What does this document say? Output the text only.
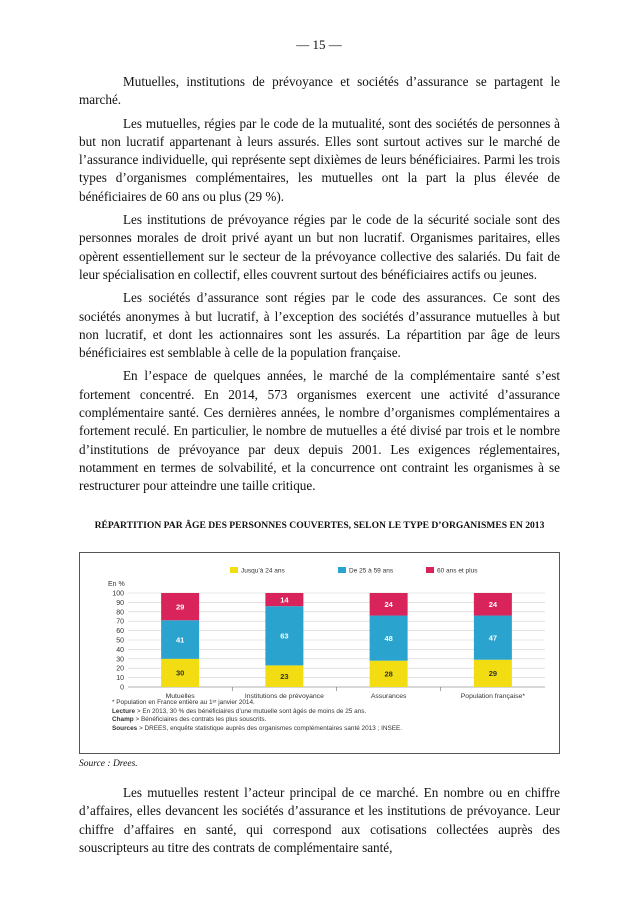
— 15 —

Mutuelles, institutions de prévoyance et sociétés d’assurance se partagent le marché.

Les mutuelles, régies par le code de la mutualité, sont des sociétés de personnes à but non lucratif appartenant à leurs assurés. Elles sont surtout actives sur le marché de l’assurance individuelle, qui représente sept dixièmes de leurs bénéficiaires. Parmi les trois types d’organismes complémentaires, les mutuelles ont la part la plus élevée de bénéficiaires de 60 ans ou plus (29 %).

Les institutions de prévoyance régies par le code de la sécurité sociale sont des personnes morales de droit privé ayant un but non lucratif. Organismes paritaires, elles opèrent essentiellement sur le secteur de la prévoyance collective des salariés. Du fait de leur spécialisation en collectif, elles couvrent surtout des bénéficiaires actifs ou jeunes.

Les sociétés d’assurance sont régies par le code des assurances. Ce sont des sociétés anonymes à but lucratif, à l’exception des sociétés d’assurance mutuelles à but non lucratif, et dont les actionnaires sont les assurés. La répartition par âge de leurs bénéficiaires est semblable à celle de la population française.

En l’espace de quelques années, le marché de la complémentaire santé s’est fortement concentré. En 2014, 573 organismes exercent une activité d’assurance complémentaire santé. Ces dernières années, le nombre d’organismes complémentaires a fortement reculé. En particulier, le nombre de mutuelles a été divisé par trois et le nombre d’institutions de prévoyance par deux depuis 2001. Les exigences réglementaires, notamment en termes de solvabilité, et la concurrence ont contraint les organismes à se restructurer pour atteindre une taille critique.

RÉPARTITION PAR ÂGE DES PERSONNES COUVERTES, SELON LE TYPE D’ORGANISMES EN 2013
0
10
20
30
40
50
60
70
80
90
100
En %
30
41
29
Mutuelles
23
63
14
Institutions de prévoyance
28
48
24
Assurances
29
47
24
Population française*
Jusqu’à 24 ans	De 25 à 59 ans	60 ans et plus
* Population en France entière au 1ᵉʳ janvier 2014.
Lecture > En 2013, 30 % des bénéficiaires d’une mutuelle sont âgés de moins de 25 ans.
Champ > Bénéficiaires des contrats les plus souscrits.
Sources > DREES, enquête statistique auprès des organismes complémentaires santé 2013 ; INSEE.
Source : Drees.

Les mutuelles restent l’acteur principal de ce marché. En nombre ou en chiffre d’affaires, elles devancent les sociétés d’assurance et les institutions de prévoyance. Leur chiffre d’affaires en santé, qui correspond aux cotisations collectées auprès des souscripteurs au titre des contrats de complémentaire santé,
